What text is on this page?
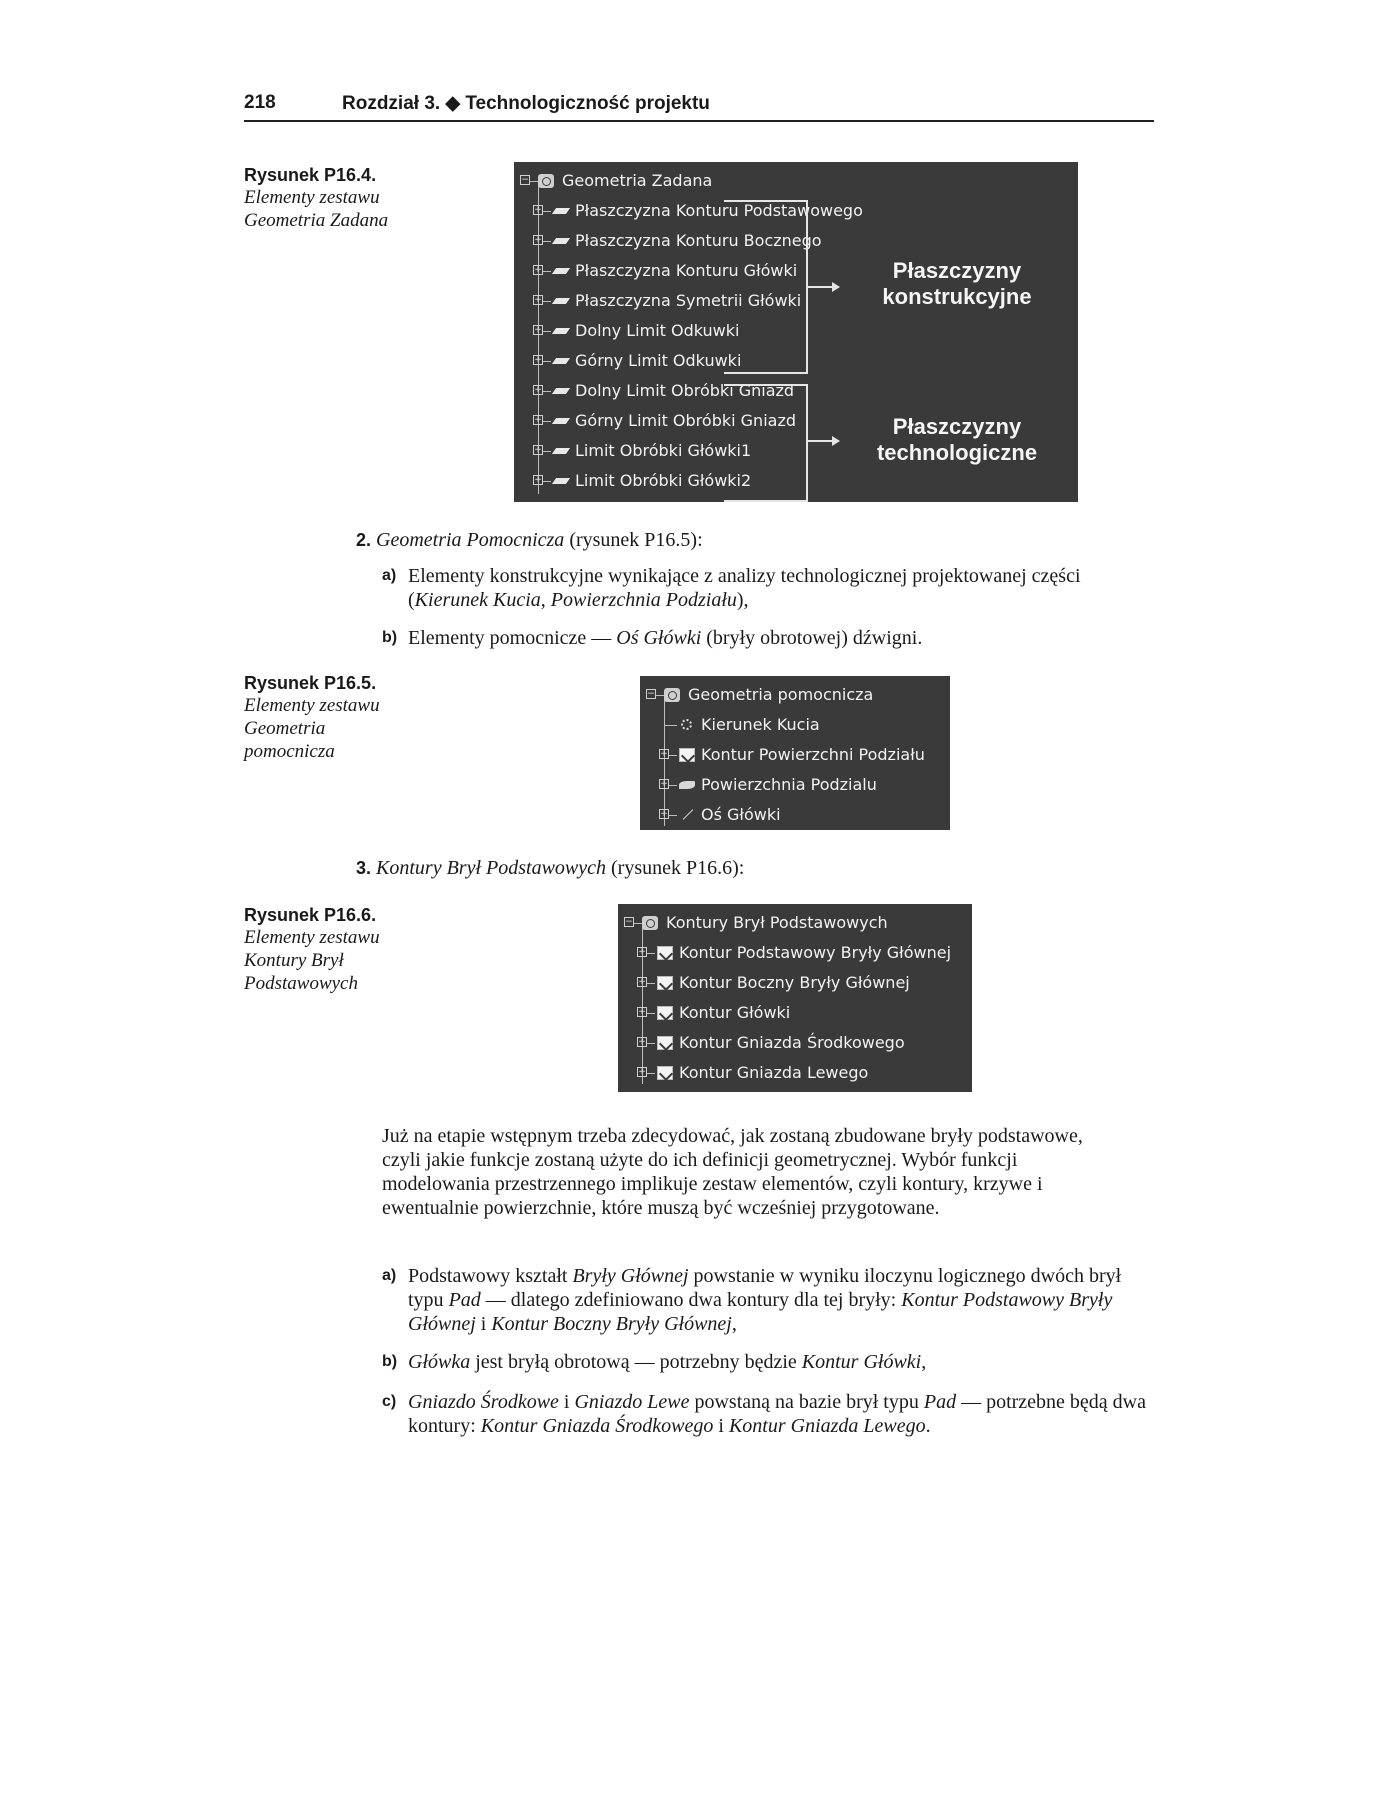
218	Rozdział 3. ◆ Technologiczność projektu
Rysunek P16.4.
Elementy zestawu Geometria Zadana
− Geometria Zadana
+ Płaszczyzna Konturu Podstawowego
+ Płaszczyzna Konturu Bocznego
+ Płaszczyzna Konturu Główki
+ Płaszczyzna Symetrii Główki
+ Dolny Limit Odkuwki
+ Górny Limit Odkuwki
+ Dolny Limit Obróbki Gniazd
+ Górny Limit Obróbki Gniazd
+ Limit Obróbki Główki1
+ Limit Obróbki Główki2
Płaszczyzny
konstrukcyjne
Płaszczyzny
technologiczne
2. Geometria Pomocnicza (rysunek P16.5):
a) Elementy konstrukcyjne wynikające z analizy technologicznej projektowanej części (Kierunek Kucia, Powierzchnia Podziału),
b) Elementy pomocnicze — Oś Główki (bryły obrotowej) dźwigni.
Rysunek P16.5.
Elementy zestawu Geometria pomocnicza
− Geometria pomocnicza
Kierunek Kucia
+ Kontur Powierzchni Podziału
+ Powierzchnia Podzialu
+ Oś Główki
3. Kontury Brył Podstawowych (rysunek P16.6):
Rysunek P16.6.
Elementy zestawu Kontury Brył Podstawowych
− Kontury Brył Podstawowych
+ Kontur Podstawowy Bryły Głównej
+ Kontur Boczny Bryły Głównej
+ Kontur Główki
+ Kontur Gniazda Środkowego
+ Kontur Gniazda Lewego
Już na etapie wstępnym trzeba zdecydować, jak zostaną zbudowane bryły podstawowe, czyli jakie funkcje zostaną użyte do ich definicji geometrycznej. Wybór funkcji modelowania przestrzennego implikuje zestaw elementów, czyli kontury, krzywe i ewentualnie powierzchnie, które muszą być wcześniej przygotowane.
a) Podstawowy kształt Bryły Głównej powstanie w wyniku iloczynu logicznego dwóch brył typu Pad — dlatego zdefiniowano dwa kontury dla tej bryły: Kontur Podstawowy Bryły Głównej i Kontur Boczny Bryły Głównej,
b) Główka jest bryłą obrotową — potrzebny będzie Kontur Główki,
c) Gniazdo Środkowe i Gniazdo Lewe powstaną na bazie brył typu Pad — potrzebne będą dwa kontury: Kontur Gniazda Środkowego i Kontur Gniazda Lewego.
